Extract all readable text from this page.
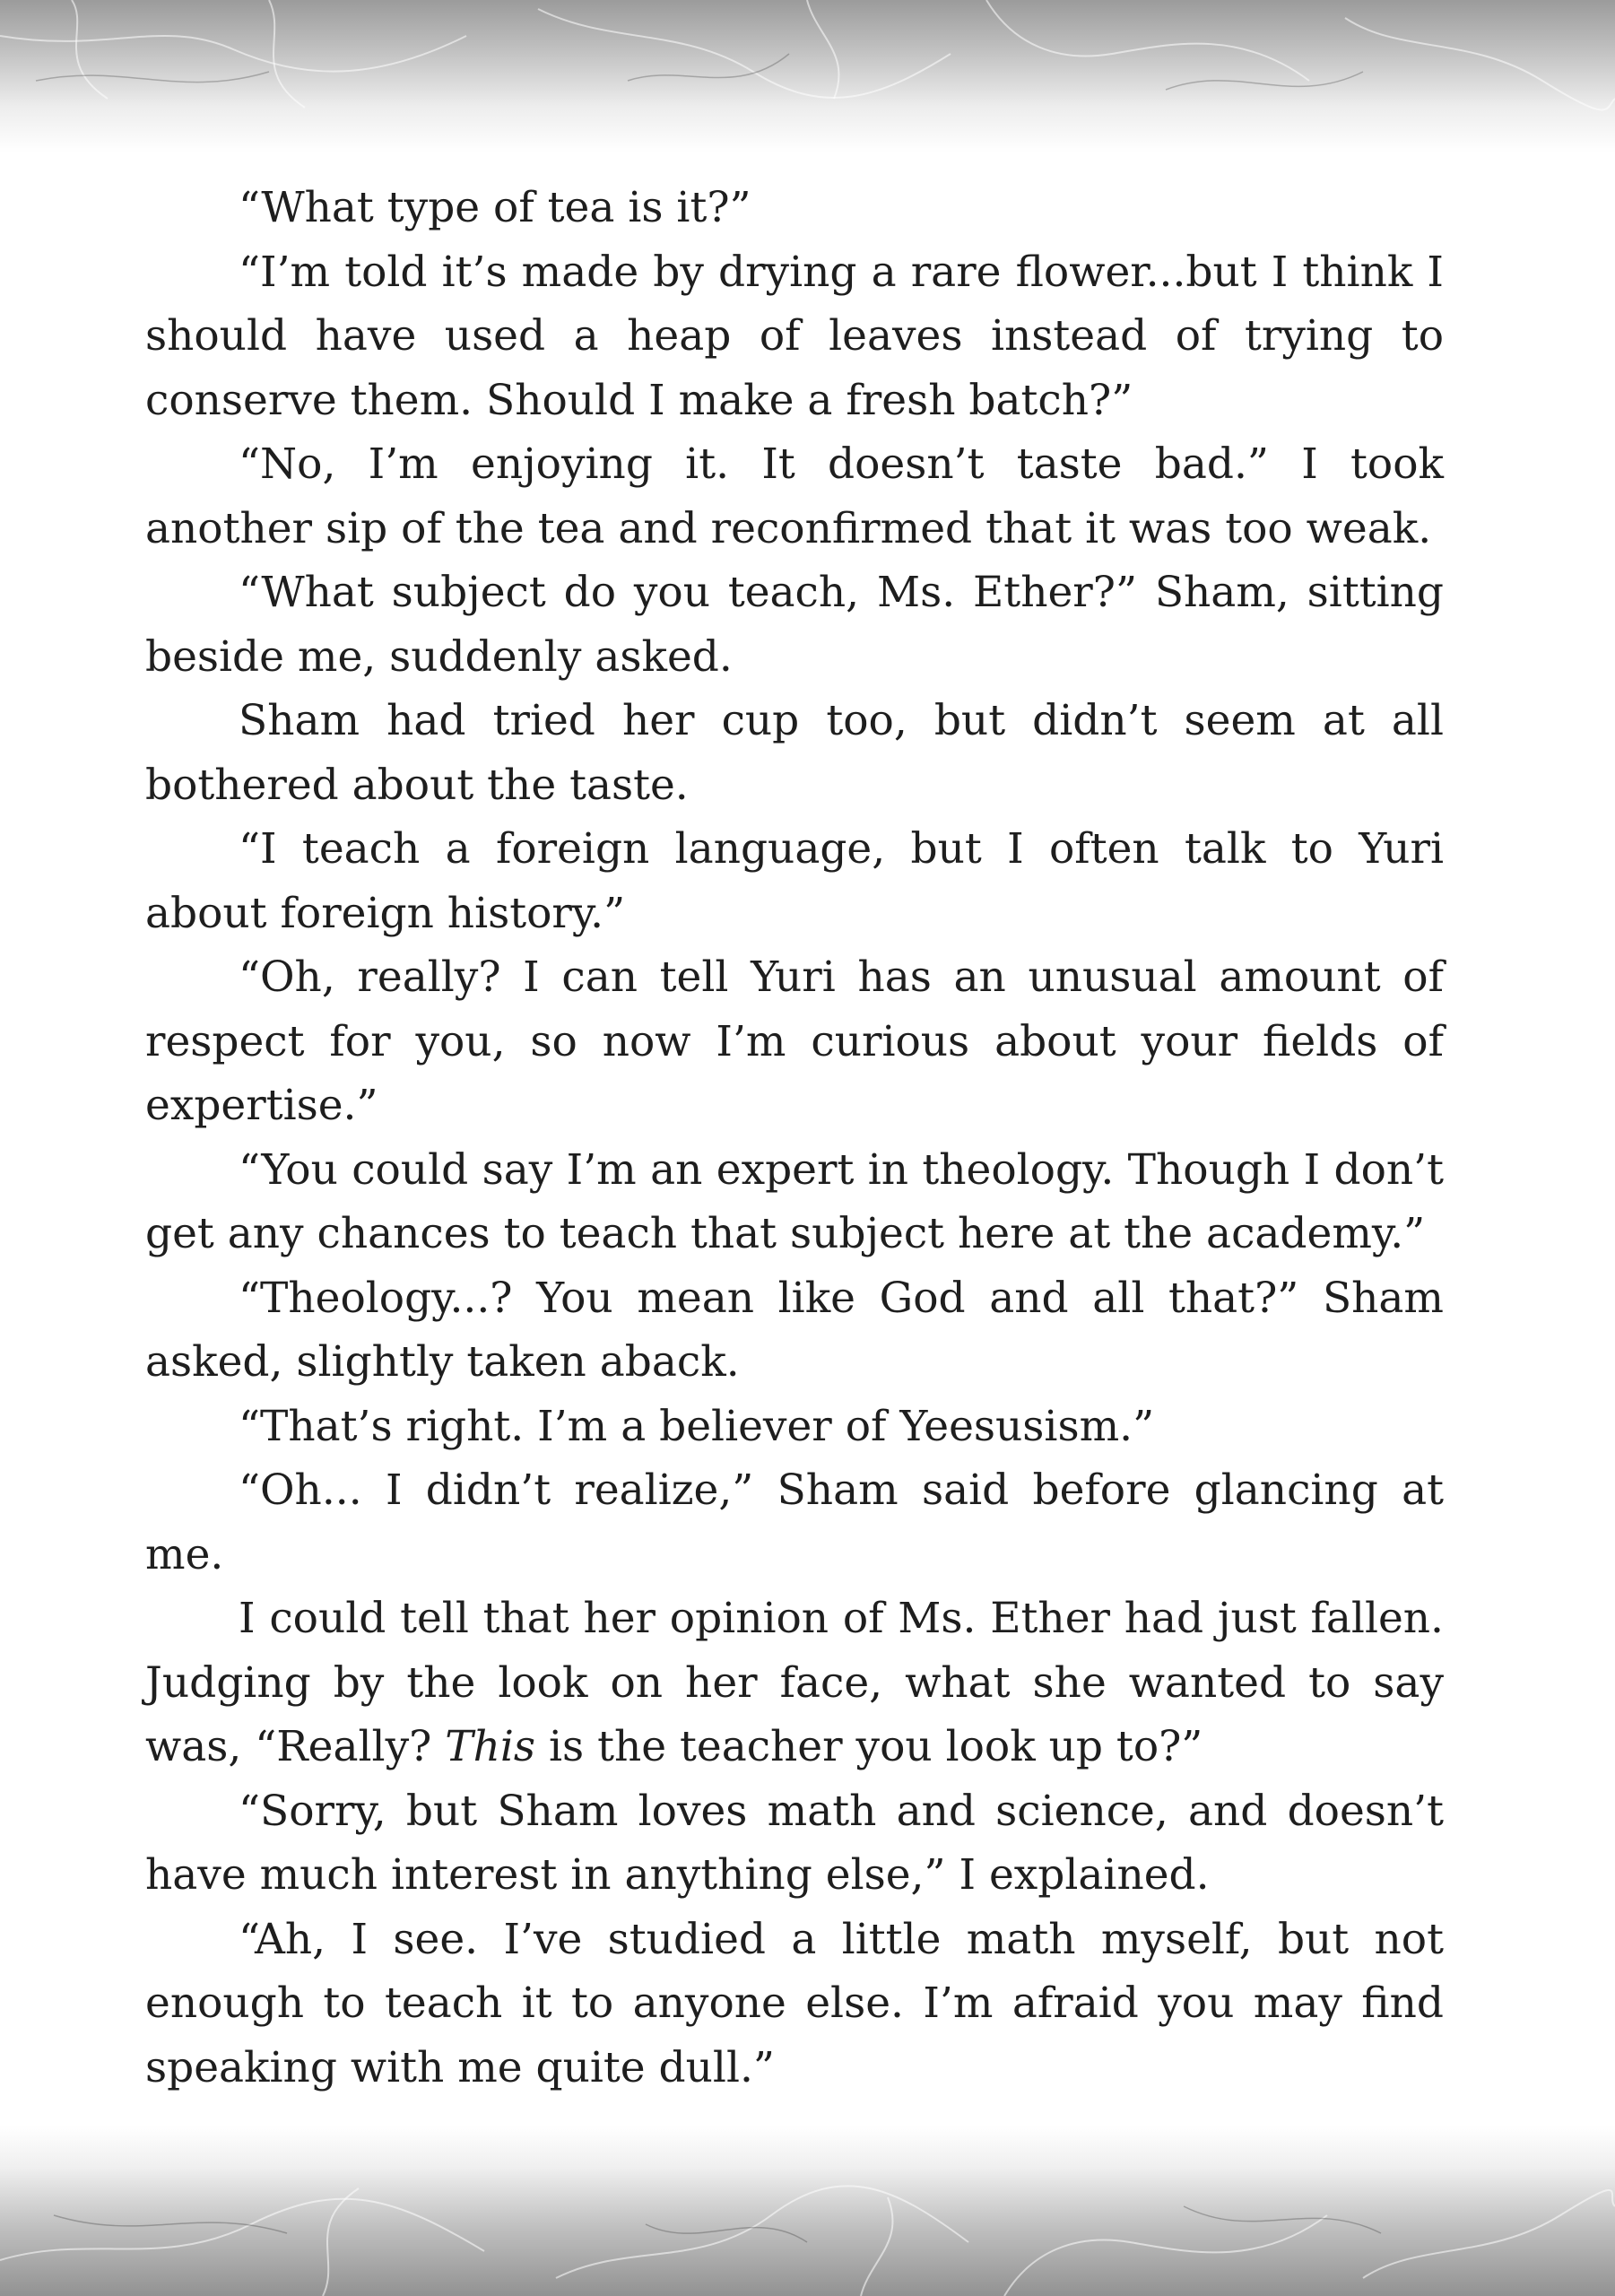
“What type of tea is it?”

“I’m told it’s made by drying a rare flower...but I think I should have used a heap of leaves instead of trying to conserve them. Should I make a fresh batch?”

“No, I’m enjoying it. It doesn’t taste bad.” I took another sip of the tea and reconfirmed that it was too weak.

“What subject do you teach, Ms. Ether?” Sham, sitting beside me, suddenly asked.

Sham had tried her cup too, but didn’t seem at all bothered about the taste.

“I teach a foreign language, but I often talk to Yuri about foreign history.”

“Oh, really? I can tell Yuri has an unusual amount of respect for you, so now I’m curious about your fields of expertise.”

“You could say I’m an expert in theology. Though I don’t get any chances to teach that subject here at the academy.”

“Theology...? You mean like God and all that?” Sham asked, slightly taken aback.

“That’s right. I’m a believer of Yeesusism.”

“Oh... I didn’t realize,” Sham said before glancing at me.

I could tell that her opinion of Ms. Ether had just fallen. Judging by the look on her face, what she wanted to say was, “Really? This is the teacher you look up to?”

“Sorry, but Sham loves math and science, and doesn’t have much interest in anything else,” I explained.

“Ah, I see. I’ve studied a little math myself, but not enough to teach it to anyone else. I’m afraid you may find speaking with me quite dull.”
